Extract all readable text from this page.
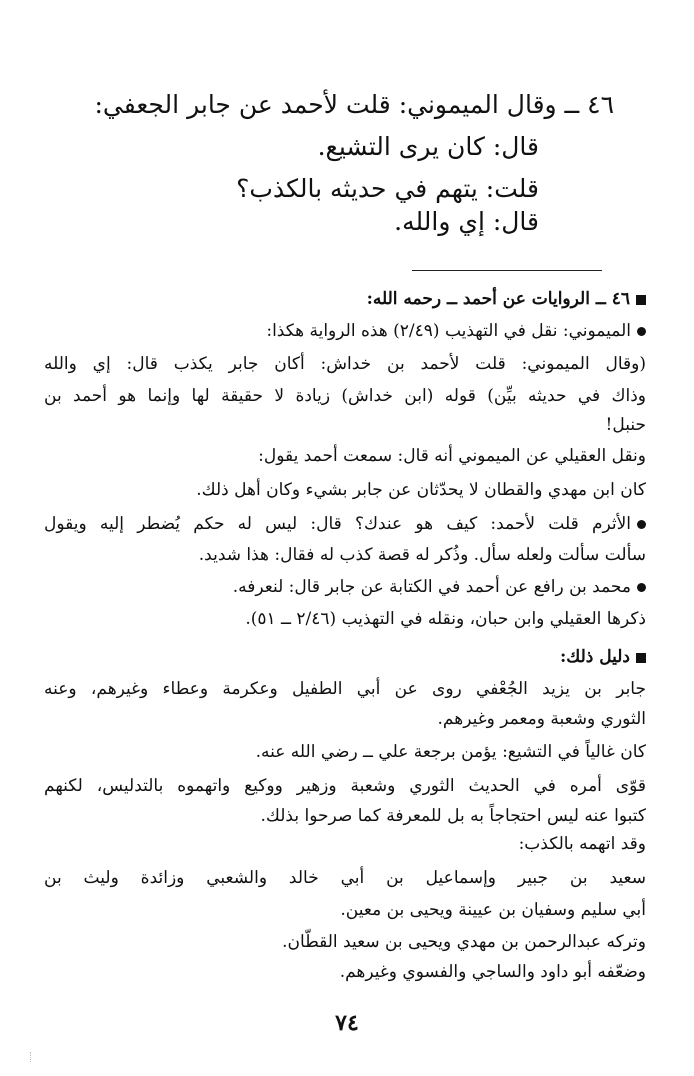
٤٦ ــ وقال الميموني: قلت لأحمد عن جابر الجعفي:
قال: كان يرى التشيع.
قلت: يتهم في حديثه بالكذب؟
قال: إي والله.
٤٦ ــ الروايات عن أحمد ــ رحمه الله:
الميموني: نقل في التهذيب (٢/٤٩) هذه الرواية هكذا:
(وقال الميموني: قلت لأحمد بن خداش: أكان جابر يكذب قال: إي والله
وذاك في حديثه بيِّن) قوله (ابن خداش) زيادة لا حقيقة لها وإنما هو أحمد بن
حنبل!
ونقل العقيلي عن الميموني أنه قال: سمعت أحمد يقول:
كان ابن مهدي والقطان لا يحدّثان عن جابر بشيء وكان أهل ذلك.
الأثرم قلت لأحمد: كيف هو عندك؟ قال: ليس له حكم يُضطر إليه ويقول
سألت سألت ولعله سأل. وذُكر له قصة كذب له فقال: هذا شديد.
محمد بن رافع عن أحمد في الكتابة عن جابر قال: لنعرفه.
ذكرها العقيلي وابن حبان، ونقله في التهذيب (٢/٤٦ ــ ٥١).
دليل ذلك:
جابر بن يزيد الجُعْفي روى عن أبي الطفيل وعكرمة وعطاء وغيرهم، وعنه
الثوري وشعبة ومعمر وغيرهم.
كان غالياً في التشيع: يؤمن برجعة علي ــ رضي الله عنه.
قوّى أمره في الحديث الثوري وشعبة وزهير ووكيع واتهموه بالتدليس، لكنهم
كتبوا عنه ليس احتجاجاً به بل للمعرفة كما صرحوا بذلك.
وقد اتهمه بالكذب:
سعيد بن جبير وإسماعيل بن أبي خالد والشعبي وزائدة وليث بن
أبي سليم وسفيان بن عيينة ويحيى بن معين.
وتركه عبدالرحمن بن مهدي ويحيى بن سعيد القطّان.
وضعّفه أبو داود والساجي والفسوي وغيرهم.
٧٤
